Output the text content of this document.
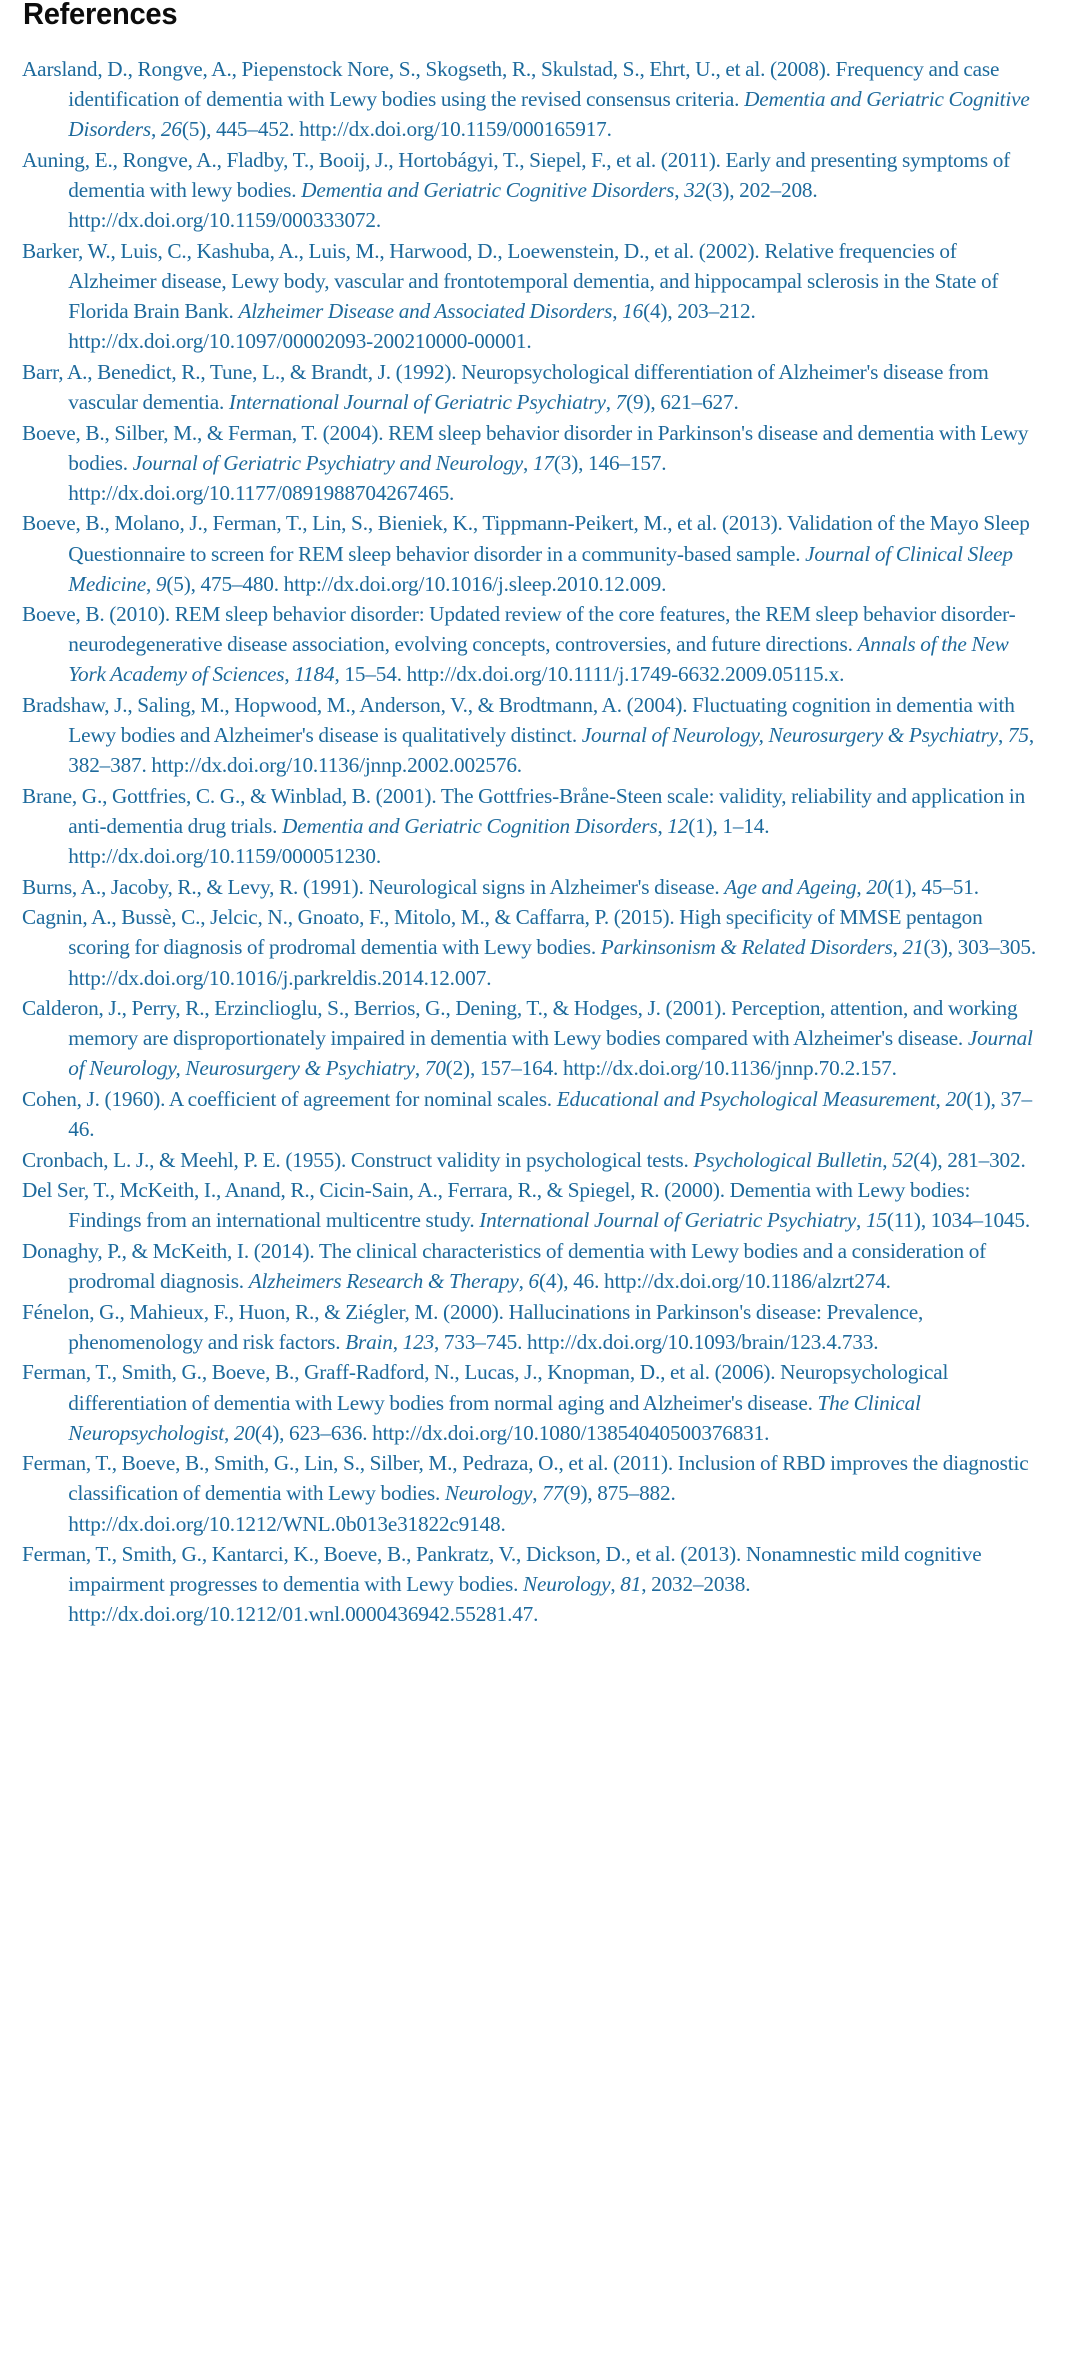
References
Aarsland, D., Rongve, A., Piepenstock Nore, S., Skogseth, R., Skulstad, S., Ehrt, U., et al. (2008). Frequency and case identification of dementia with Lewy bodies using the revised consensus criteria. Dementia and Geriatric Cognitive Disorders, 26(5), 445–452. http://dx.doi.org/10.1159/000165917.
Auning, E., Rongve, A., Fladby, T., Booij, J., Hortobágyi, T., Siepel, F., et al. (2011). Early and presenting symptoms of dementia with lewy bodies. Dementia and Geriatric Cognitive Disorders, 32(3), 202–208. http://dx.doi.org/10.1159/000333072.
Barker, W., Luis, C., Kashuba, A., Luis, M., Harwood, D., Loewenstein, D., et al. (2002). Relative frequencies of Alzheimer disease, Lewy body, vascular and frontotemporal dementia, and hippocampal sclerosis in the State of Florida Brain Bank. Alzheimer Disease and Associated Disorders, 16(4), 203–212. http://dx.doi.org/10.1097/00002093-200210000-00001.
Barr, A., Benedict, R., Tune, L., & Brandt, J. (1992). Neuropsychological differentiation of Alzheimer's disease from vascular dementia. International Journal of Geriatric Psychiatry, 7(9), 621–627.
Boeve, B., Silber, M., & Ferman, T. (2004). REM sleep behavior disorder in Parkinson's disease and dementia with Lewy bodies. Journal of Geriatric Psychiatry and Neurology, 17(3), 146–157. http://dx.doi.org/10.1177/0891988704267465.
Boeve, B., Molano, J., Ferman, T., Lin, S., Bieniek, K., Tippmann-Peikert, M., et al. (2013). Validation of the Mayo Sleep Questionnaire to screen for REM sleep behavior disorder in a community-based sample. Journal of Clinical Sleep Medicine, 9(5), 475–480. http://dx.doi.org/10.1016/j.sleep.2010.12.009.
Boeve, B. (2010). REM sleep behavior disorder: Updated review of the core features, the REM sleep behavior disorder-neurodegenerative disease association, evolving concepts, controversies, and future directions. Annals of the New York Academy of Sciences, 1184, 15–54. http://dx.doi.org/10.1111/j.1749-6632.2009.05115.x.
Bradshaw, J., Saling, M., Hopwood, M., Anderson, V., & Brodtmann, A. (2004). Fluctuating cognition in dementia with Lewy bodies and Alzheimer's disease is qualitatively distinct. Journal of Neurology, Neurosurgery & Psychiatry, 75, 382–387. http://dx.doi.org/10.1136/jnnp.2002.002576.
Brane, G., Gottfries, C. G., & Winblad, B. (2001). The Gottfries-Bråne-Steen scale: validity, reliability and application in anti-dementia drug trials. Dementia and Geriatric Cognition Disorders, 12(1), 1–14. http://dx.doi.org/10.1159/000051230.
Burns, A., Jacoby, R., & Levy, R. (1991). Neurological signs in Alzheimer's disease. Age and Ageing, 20(1), 45–51.
Cagnin, A., Bussè, C., Jelcic, N., Gnoato, F., Mitolo, M., & Caffarra, P. (2015). High specificity of MMSE pentagon scoring for diagnosis of prodromal dementia with Lewy bodies. Parkinsonism & Related Disorders, 21(3), 303–305. http://dx.doi.org/10.1016/j.parkreldis.2014.12.007.
Calderon, J., Perry, R., Erzinclioglu, S., Berrios, G., Dening, T., & Hodges, J. (2001). Perception, attention, and working memory are disproportionately impaired in dementia with Lewy bodies compared with Alzheimer's disease. Journal of Neurology, Neurosurgery & Psychiatry, 70(2), 157–164. http://dx.doi.org/10.1136/jnnp.70.2.157.
Cohen, J. (1960). A coefficient of agreement for nominal scales. Educational and Psychological Measurement, 20(1), 37–46.
Cronbach, L. J., & Meehl, P. E. (1955). Construct validity in psychological tests. Psychological Bulletin, 52(4), 281–302.
Del Ser, T., McKeith, I., Anand, R., Cicin-Sain, A., Ferrara, R., & Spiegel, R. (2000). Dementia with Lewy bodies: Findings from an international multicentre study. International Journal of Geriatric Psychiatry, 15(11), 1034–1045.
Donaghy, P., & McKeith, I. (2014). The clinical characteristics of dementia with Lewy bodies and a consideration of prodromal diagnosis. Alzheimers Research & Therapy, 6(4), 46. http://dx.doi.org/10.1186/alzrt274.
Fénelon, G., Mahieux, F., Huon, R., & Ziégler, M. (2000). Hallucinations in Parkinson's disease: Prevalence, phenomenology and risk factors. Brain, 123, 733–745. http://dx.doi.org/10.1093/brain/123.4.733.
Ferman, T., Smith, G., Boeve, B., Graff-Radford, N., Lucas, J., Knopman, D., et al. (2006). Neuropsychological differentiation of dementia with Lewy bodies from normal aging and Alzheimer's disease. The Clinical Neuropsychologist, 20(4), 623–636. http://dx.doi.org/10.1080/13854040500376831.
Ferman, T., Boeve, B., Smith, G., Lin, S., Silber, M., Pedraza, O., et al. (2011). Inclusion of RBD improves the diagnostic classification of dementia with Lewy bodies. Neurology, 77(9), 875–882. http://dx.doi.org/10.1212/WNL.0b013e31822c9148.
Ferman, T., Smith, G., Kantarci, K., Boeve, B., Pankratz, V., Dickson, D., et al. (2013). Nonamnestic mild cognitive impairment progresses to dementia with Lewy bodies. Neurology, 81, 2032–2038. http://dx.doi.org/10.1212/01.wnl.0000436942.55281.47.
